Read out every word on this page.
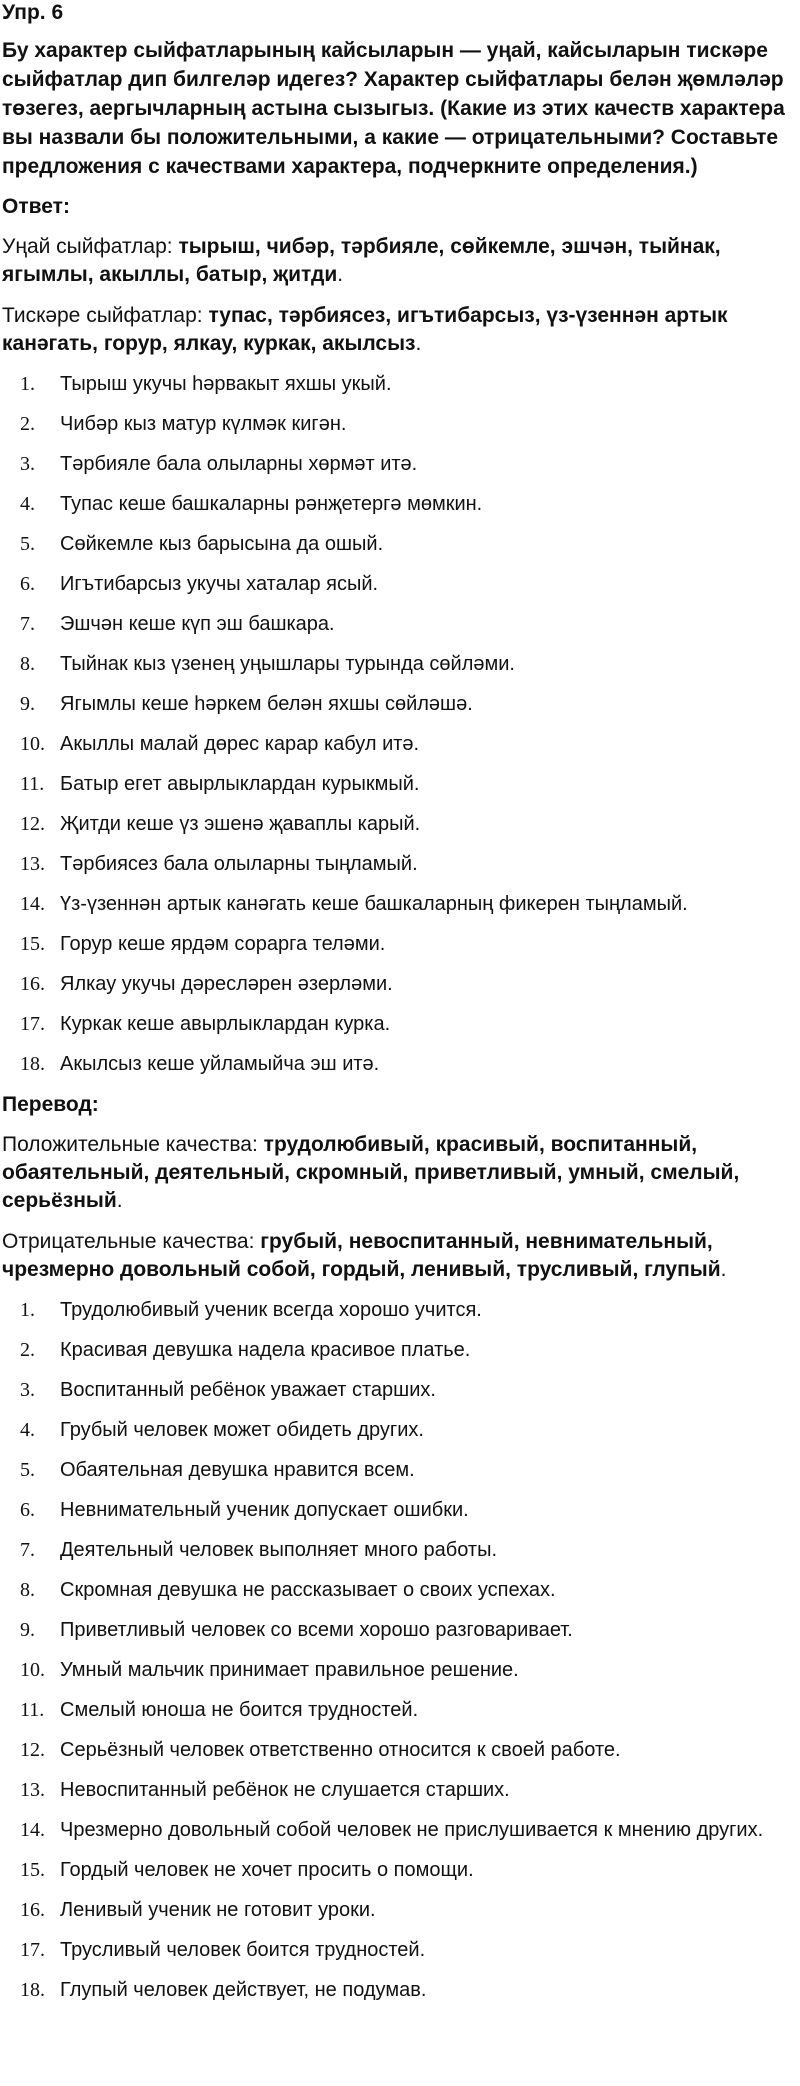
Упр. 6
Бу характер сыйфатларының кайсыларын — уңай, кайсыларын тискәре сыйфатлар дип билгеләр идегез? Характер сыйфатлары белән җөмләләр төзегез, аергычларның астына сызыгыз. (Какие из этих качеств характера вы назвали бы положительными, а какие — отрицательными? Составьте предложения с качествами характера, подчеркните определения.)
Ответ:

Уңай сыйфатлар: тырыш, чибәр, тәрбияле, сөйкемле, эшчән, тыйнак, ягымлы, акыллы, батыр, җитди.

Тискәре сыйфатлар: тупас, тәрбиясез, игътибарсыз, үз-үзеннән артык канәгать, горур, ялкау, куркак, акылсыз.

1.	Тырыш укучы һәрвакыт яхшы укый.
2.	Чибәр кыз матур күлмәк кигән.
3.	Тәрбияле бала олыларны хөрмәт итә.
4.	Тупас кеше башкаларны рәнҗетергә мөмкин.
5.	Сөйкемле кыз барысына да ошый.
6.	Игътибарсыз укучы хаталар ясый.
7.	Эшчән кеше күп эш башкара.
8.	Тыйнак кыз үзенең уңышлары турында сөйләми.
9.	Ягымлы кеше һәркем белән яхшы сөйләшә.
10. Акыллы малай дөрес карар кабул итә.
11. Батыр егет авырлыклардан курыкмый.
12. Җитди кеше үз эшенә җаваплы карый.
13. Тәрбиясез бала олыларны тыңламый.
14. Үз-үзеннән артык канәгать кеше башкаларның фикерен тыңламый.
15. Горур кеше ярдәм сорарга теләми.
16. Ялкау укучы дәресләрен әзерләми.
17. Куркак кеше авырлыклардан курка.
18. Акылсыз кеше уйламыйча эш итә.
Перевод:

Положительные качества: трудолюбивый, красивый, воспитанный, обаятельный, деятельный, скромный, приветливый, умный, смелый, серьёзный.

Отрицательные качества: грубый, невоспитанный, невнимательный, чрезмерно довольный собой, гордый, ленивый, трусливый, глупый.

1.	Трудолюбивый ученик всегда хорошо учится.
2.	Красивая девушка надела красивое платье.
3.	Воспитанный ребёнок уважает старших.
4.	Грубый человек может обидеть других.
5.	Обаятельная девушка нравится всем.
6.	Невнимательный ученик допускает ошибки.
7.	Деятельный человек выполняет много работы.
8.	Скромная девушка не рассказывает о своих успехах.
9.	Приветливый человек со всеми хорошо разговаривает.
10. Умный мальчик принимает правильное решение.
11. Смелый юноша не боится трудностей.
12. Серьёзный человек ответственно относится к своей работе.
13. Невоспитанный ребёнок не слушается старших.
14. Чрезмерно довольный собой человек не прислушивается к мнению других.
15. Гордый человек не хочет просить о помощи.
16. Ленивый ученик не готовит уроки.
17. Трусливый человек боится трудностей.
18. Глупый человек действует, не подумав.
